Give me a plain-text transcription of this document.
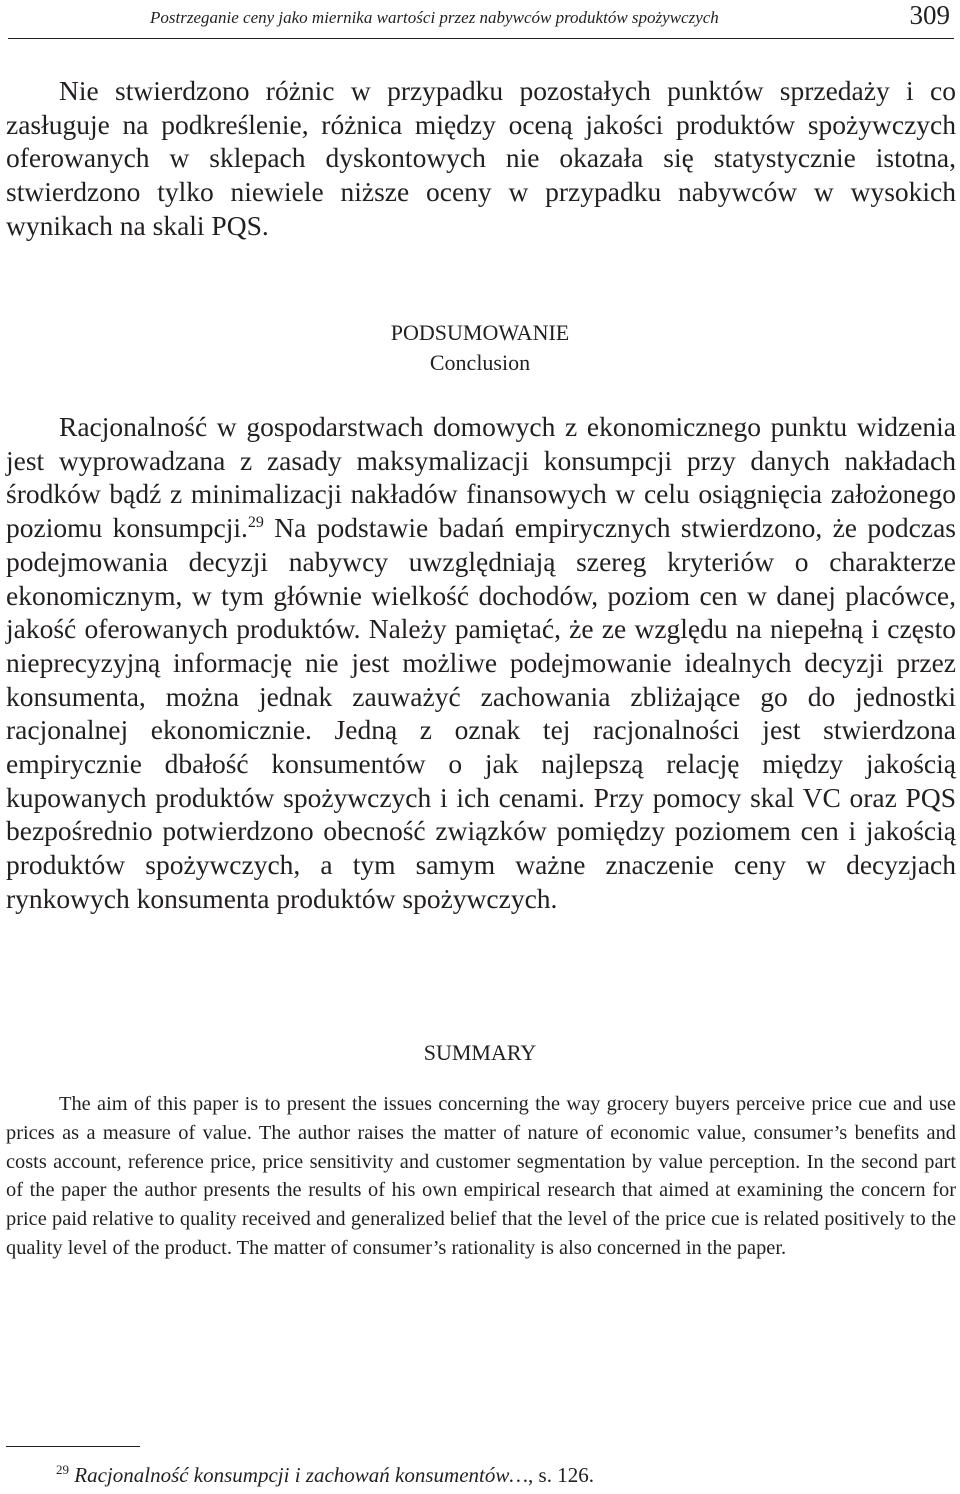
Postrzeganie ceny jako miernika wartości przez nabywców produktów spożywczych	309

Nie stwierdzono różnic w przypadku pozostałych punktów sprzedaży i co zasługuje na podkreślenie, różnica między oceną jakości produktów spożywczych oferowanych w sklepach dyskontowych nie okazała się statystycznie istotna, stwierdzono tylko niewiele niższe oceny w przypadku nabywców w wysokich wynikach na skali PQS.

PODSUMOWANIE
Conclusion

Racjonalność w gospodarstwach domowych z ekonomicznego punktu widzenia jest wyprowadzana z zasady maksymalizacji konsumpcji przy danych nakładach środków bądź z minimalizacji nakładów finansowych w celu osiągnięcia założonego poziomu konsumpcji.$^{29}$ Na podstawie badań empirycznych stwierdzono, że podczas podejmowania decyzji nabywcy uwzględniają szereg kryteriów o charakterze ekonomicznym, w tym głównie wielkość dochodów, poziom cen w danej placówce, jakość oferowanych produktów. Należy pamiętać, że ze względu na niepełną i często nieprecyzyjną informację nie jest możliwe podejmowanie idealnych decyzji przez konsumenta, można jednak zauważyć zachowania zbliżające go do jednostki racjonalnej ekonomicznie. Jedną z oznak tej racjonalności jest stwierdzona empirycznie dbałość konsumentów o jak najlepszą relację między jakością kupowanych produktów spożywczych i ich cenami. Przy pomocy skal VC oraz PQS bezpośrednio potwierdzono obecność związków pomiędzy poziomem cen i jakością produktów spożywczych, a tym samym ważne znaczenie ceny w decyzjach rynkowych konsumenta produktów spożywczych.

SUMMARY

The aim of this paper is to present the issues concerning the way grocery buyers perceive price cue and use prices as a measure of value. The author raises the matter of nature of economic value, consumer’s benefits and costs account, reference price, price sensitivity and customer segmentation by value perception. In the second part of the paper the author presents the results of his own empirical research that aimed at examining the concern for price paid relative to quality received and generalized belief that the level of the price cue is related positively to the quality level of the product. The matter of consumer’s rationality is also concerned in the paper.

$^{29}$ Racjonalność konsumpcji i zachowań konsumentów…, s. 126.
